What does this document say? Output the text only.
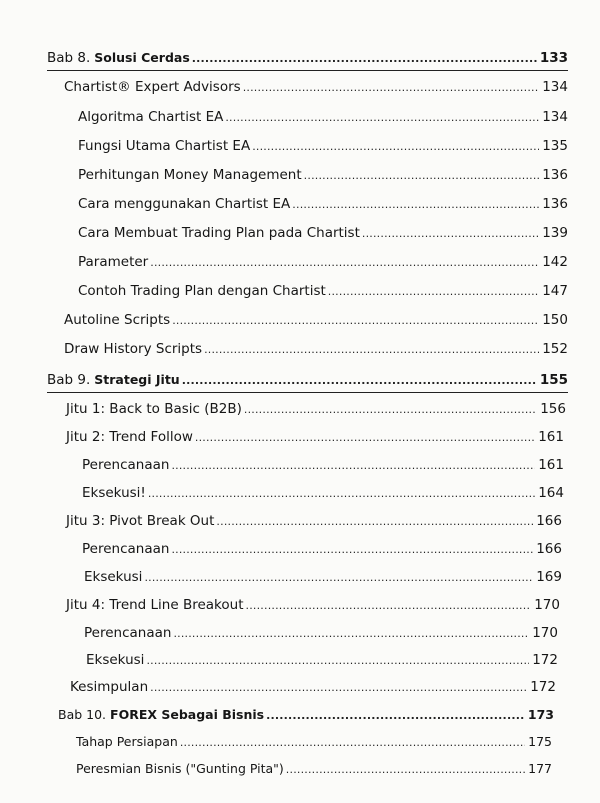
Bab 8. Solusi Cerdas .....	133
Chartist® Expert Advisors .....	134
Algoritma Chartist EA .....	134
Fungsi Utama Chartist EA .....	135
Perhitungan Money Management .....	136
Cara menggunakan Chartist EA .....	136
Cara Membuat Trading Plan pada Chartist .....	139
Parameter .....	142
Contoh Trading Plan dengan Chartist .....	147
Autoline Scripts .....	150
Draw History Scripts .....	152
Bab 9. Strategi Jitu .....	155
Jitu 1: Back to Basic (B2B) .....	156
Jitu 2: Trend Follow .....	161
Perencanaan .....	161
Eksekusi! .....	164
Jitu 3: Pivot Break Out .....	166
Perencanaan .....	166
Eksekusi .....	169
Jitu 4: Trend Line Breakout .....	170
Perencanaan .....	170
Eksekusi .....	172
Kesimpulan .....	172
Bab 10. FOREX Sebagai Bisnis .....	173
Tahap Persiapan .....	175
Peresmian Bisnis ("Gunting Pita") .....	177
